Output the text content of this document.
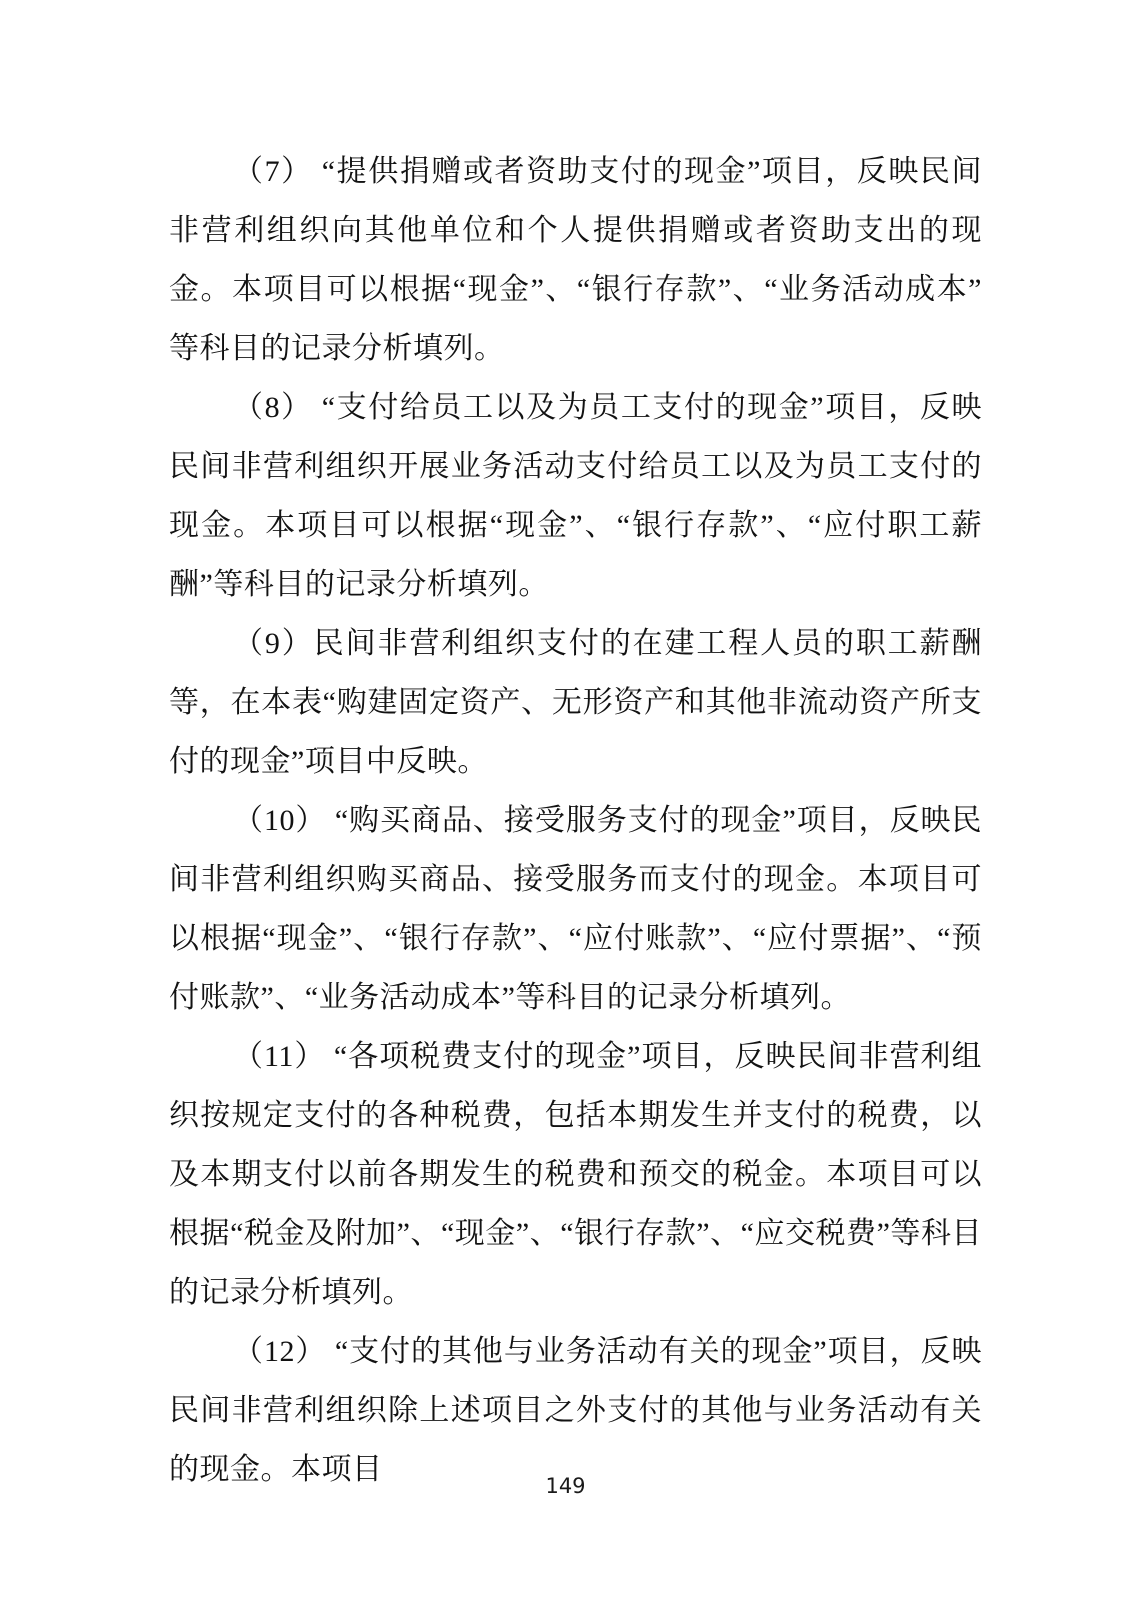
（7） “提供捐赠或者资助支付的现金”项目，反映民间非营利组织向其他单位和个人提供捐赠或者资助支出的现金。本项目可以根据“现金”、“银行存款”、“业务活动成本”等科目的记录分析填列。

（8） “支付给员工以及为员工支付的现金”项目，反映民间非营利组织开展业务活动支付给员工以及为员工支付的现金。本项目可以根据“现金”、“银行存款”、“应付职工薪酬”等科目的记录分析填列。

（9）民间非营利组织支付的在建工程人员的职工薪酬等，在本表“购建固定资产、无形资产和其他非流动资产所支付的现金”项目中反映。

（10） “购买商品、接受服务支付的现金”项目，反映民间非营利组织购买商品、接受服务而支付的现金。本项目可以根据“现金”、“银行存款”、“应付账款”、“应付票据”、“预付账款”、“业务活动成本”等科目的记录分析填列。

（11） “各项税费支付的现金”项目，反映民间非营利组织按规定支付的各种税费，包括本期发生并支付的税费，以及本期支付以前各期发生的税费和预交的税金。本项目可以根据“税金及附加”、“现金”、“银行存款”、“应交税费”等科目的记录分析填列。

（12） “支付的其他与业务活动有关的现金”项目，反映民间非营利组织除上述项目之外支付的其他与业务活动有关的现金。本项目	149
